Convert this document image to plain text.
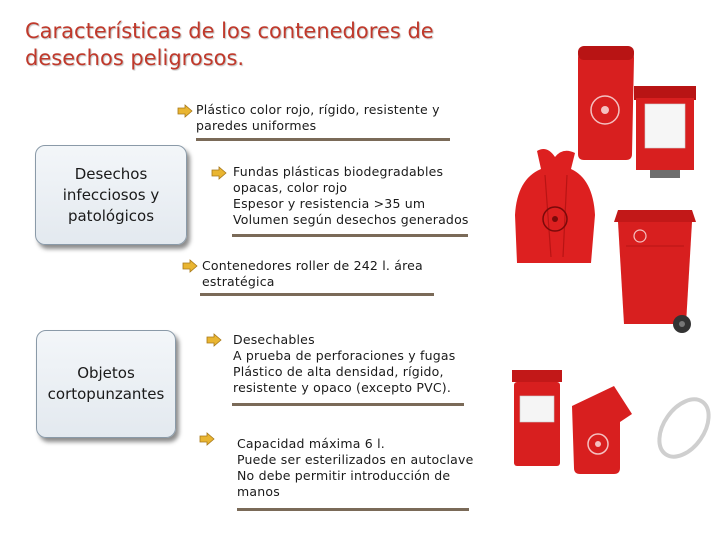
Características de los contenedores de
desechos peligrosos.
Desechos
infecciosos y
patológicos
Objetos
cortopunzantes
Plástico color rojo, rígido, resistente y
paredes uniformes
Fundas plásticas biodegradables
opacas, color rojo
Espesor y resistencia >35 um
Volumen según desechos generados
Contenedores roller de 242 l. área
estratégica
Desechables
A prueba de perforaciones y fugas
Plástico de alta densidad, rígido,
resistente y opaco (excepto PVC).
Capacidad máxima 6 l.
Puede ser esterilizados en autoclave
No debe permitir introducción de
manos
